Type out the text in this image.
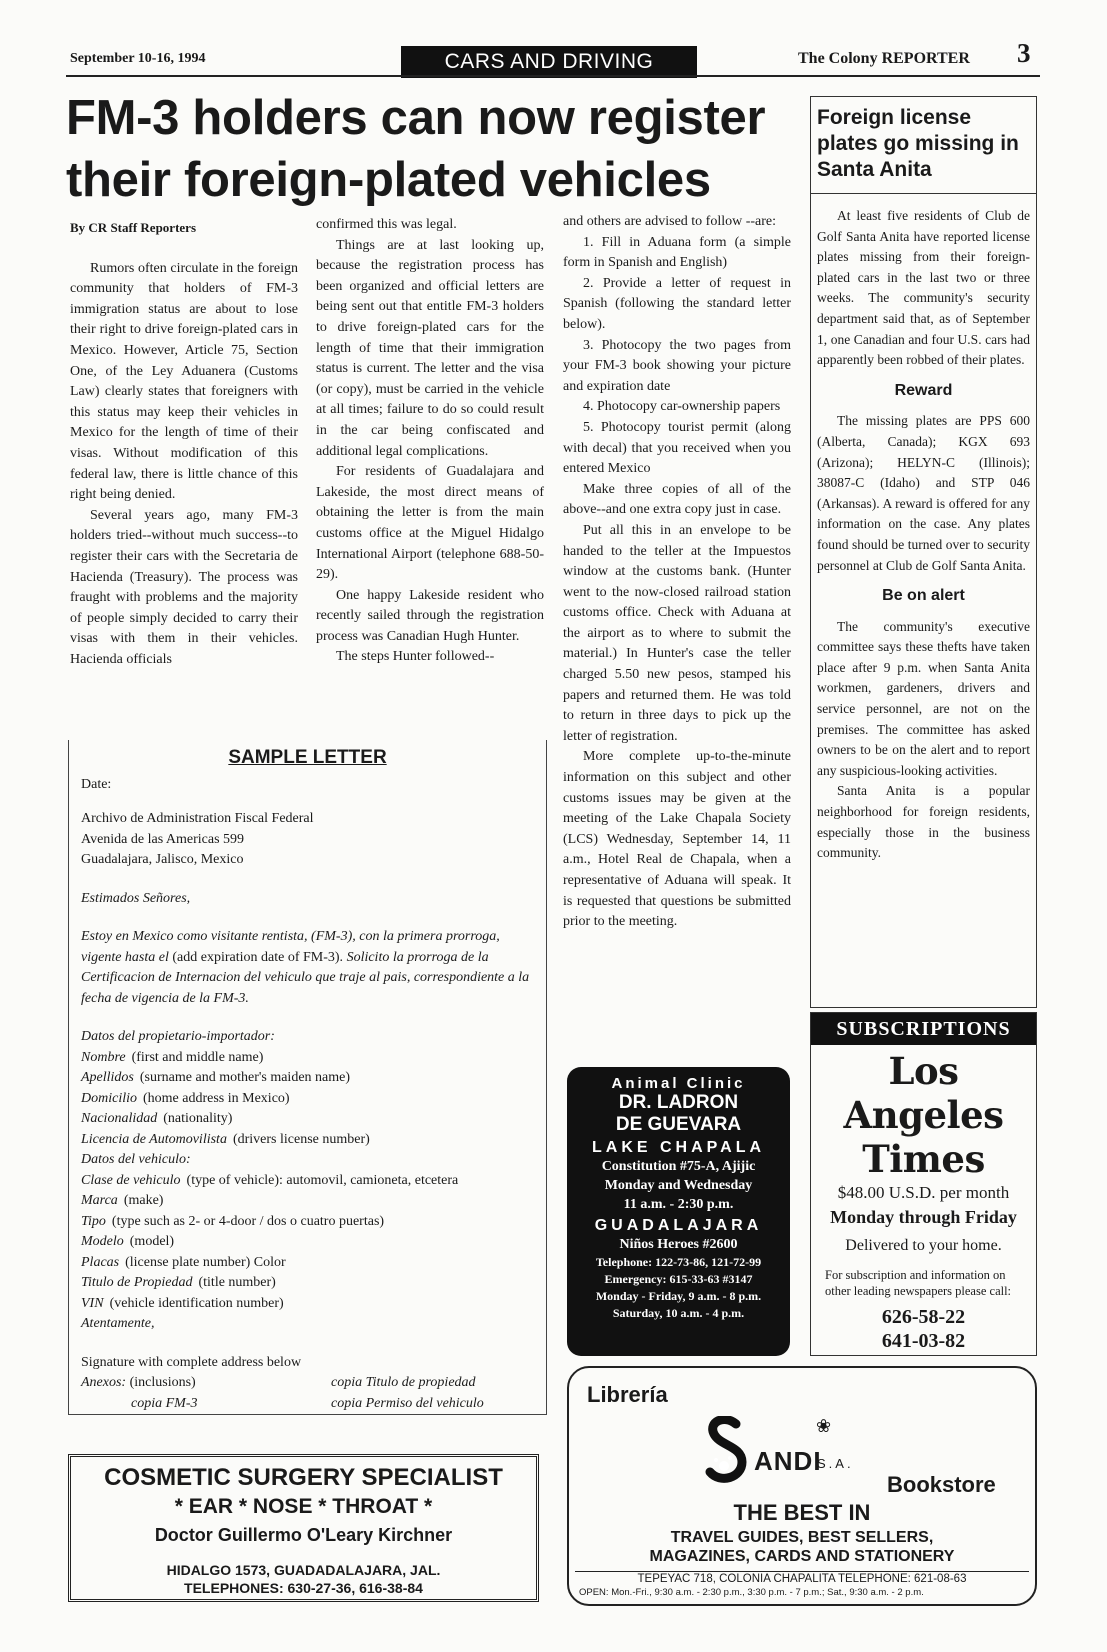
September 10-16, 1994	CARS AND DRIVING	The Colony REPORTER 3
FM-3 holders can now register their foreign-plated vehicles

By CR Staff Reporters

Rumors often circulate in the foreign community that holders of FM-3 immigration status are about to lose their right to drive foreign-plated cars in Mexico. However, Article 75, Section One, of the Ley Aduanera (Customs Law) clearly states that foreigners with this status may keep their vehicles in Mexico for the length of time of their visas. Without modification of this federal law, there is little chance of this right being denied.

Several years ago, many FM-3 holders tried--without much success--to register their cars with the Secretaria de Hacienda (Treasury). The process was fraught with problems and the majority of people simply decided to carry their visas with them in their vehicles. Hacienda officials

confirmed this was legal.

Things are at last looking up, because the registration process has been organized and official letters are being sent out that entitle FM-3 holders to drive foreign-plated cars for the length of time that their immigration status is current. The letter and the visa (or copy), must be carried in the vehicle at all times; failure to do so could result in the car being confiscated and additional legal complications.

For residents of Guadalajara and Lakeside, the most direct means of obtaining the letter is from the main customs office at the Miguel Hidalgo International Airport (telephone 688-50-29).

One happy Lakeside resident who recently sailed through the registration process was Canadian Hugh Hunter.

The steps Hunter followed--

and others are advised to follow --are:

1. Fill in Aduana form (a simple form in Spanish and English)

2. Provide a letter of request in Spanish (following the standard letter below).

3. Photocopy the two pages from your FM-3 book showing your picture and expiration date

4. Photocopy car-ownership papers

5. Photocopy tourist permit (along with decal) that you received when you entered Mexico

Make three copies of all of the above--and one extra copy just in case.

Put all this in an envelope to be handed to the teller at the Impuestos window at the customs bank. (Hunter went to the now-closed railroad station customs office. Check with Aduana at the airport as to where to submit the material.) In Hunter's case the teller charged 5.50 new pesos, stamped his papers and returned them. He was told to return in three days to pick up the letter of registration.

More complete up-to-the-minute information on this subject and other customs issues may be given at the meeting of the Lake Chapala Society (LCS) Wednesday, September 14, 11 a.m., Hotel Real de Chapala, when a representative of Aduana will speak. It is requested that questions be submitted prior to the meeting.

SAMPLE LETTER
Date:
Archivo de Administration Fiscal Federal
Avenida de las Americas 599
Guadalajara, Jalisco, Mexico
Estimados Señores,
Estoy en Mexico como visitante rentista, (FM-3), con la primera prorroga, vigente hasta el (add expiration date of FM-3). Solicito la prorroga de la Certificacion de Internacion del vehiculo que traje al pais, correspondiente a la fecha de vigencia de la FM-3.
Datos del propietario-importador:
Nombre (first and middle name)
Apellidos (surname and mother's maiden name)
Domicilio (home address in Mexico)
Nacionalidad (nationality)
Licencia de Automovilista (drivers license number)
Datos del vehiculo:
Clase de vehiculo (type of vehicle): automovil, camioneta, etcetera
Marca (make)
Tipo (type such as 2- or 4-door / dos o cuatro puertas)
Modelo (model)
Placas (license plate number) Color
Titulo de Propiedad (title number)
VIN (vehicle identification number)
Atentamente,
Signature with complete address below
Anexos: (inclusions)	copia Titulo de propiedad
copia FM-3	copia Permiso del vehiculo
Foreign license plates go missing in Santa Anita

At least five residents of Club de Golf Santa Anita have reported license plates missing from their foreign-plated cars in the last two or three weeks. The community's security department said that, as of September 1, one Canadian and four U.S. cars had apparently been robbed of their plates.

Reward

The missing plates are PPS 600 (Alberta, Canada); KGX 693 (Arizona); HELYN-C (Illinois); 38087-C (Idaho) and STP 046 (Arkansas). A reward is offered for any information on the case. Any plates found should be turned over to security personnel at Club de Golf Santa Anita.

Be on alert

The community's executive committee says these thefts have taken place after 9 p.m. when Santa Anita workmen, gardeners, drivers and service personnel, are not on the premises. The committee has asked owners to be on the alert and to report any suspicious-looking activities.

Santa Anita is a popular neighborhood for foreign residents, especially those in the business community.

Animal Clinic
DR. LADRON
DE GUEVARA
LAKE CHAPALA
Constitution #75-A, Ajijic
Monday and Wednesday
11 a.m. - 2:30 p.m.
GUADALAJARA
Niños Heroes #2600
Telephone: 122-73-86, 121-72-99
Emergency: 615-33-63 #3147
Monday - Friday, 9 a.m. - 8 p.m.
Saturday, 10 a.m. - 4 p.m.
SUBSCRIPTIONS
Los Angeles
Times
$48.00 U.S.D. per month
Monday through Friday
Delivered to your home.
For subscription and information on other leading newspapers please call:
626-58-22
641-03-82
COSMETIC SURGERY SPECIALIST
* EAR * NOSE * THROAT *
Doctor Guillermo O'Leary Kirchner
HIDALGO 1573, GUADADALAJARA, JAL.
TELEPHONES: 630-27-36, 616-38-84
Librería
❀
ANDI
S.A.
Bookstore
THE BEST IN
TRAVEL GUIDES, BEST SELLERS,
MAGAZINES, CARDS AND STATIONERY
TEPEYAC 718, COLONIA CHAPALITA TELEPHONE: 621-08-63
OPEN: Mon.-Fri., 9:30 a.m. - 2:30 p.m., 3:30 p.m. - 7 p.m.; Sat., 9:30 a.m. - 2 p.m.
